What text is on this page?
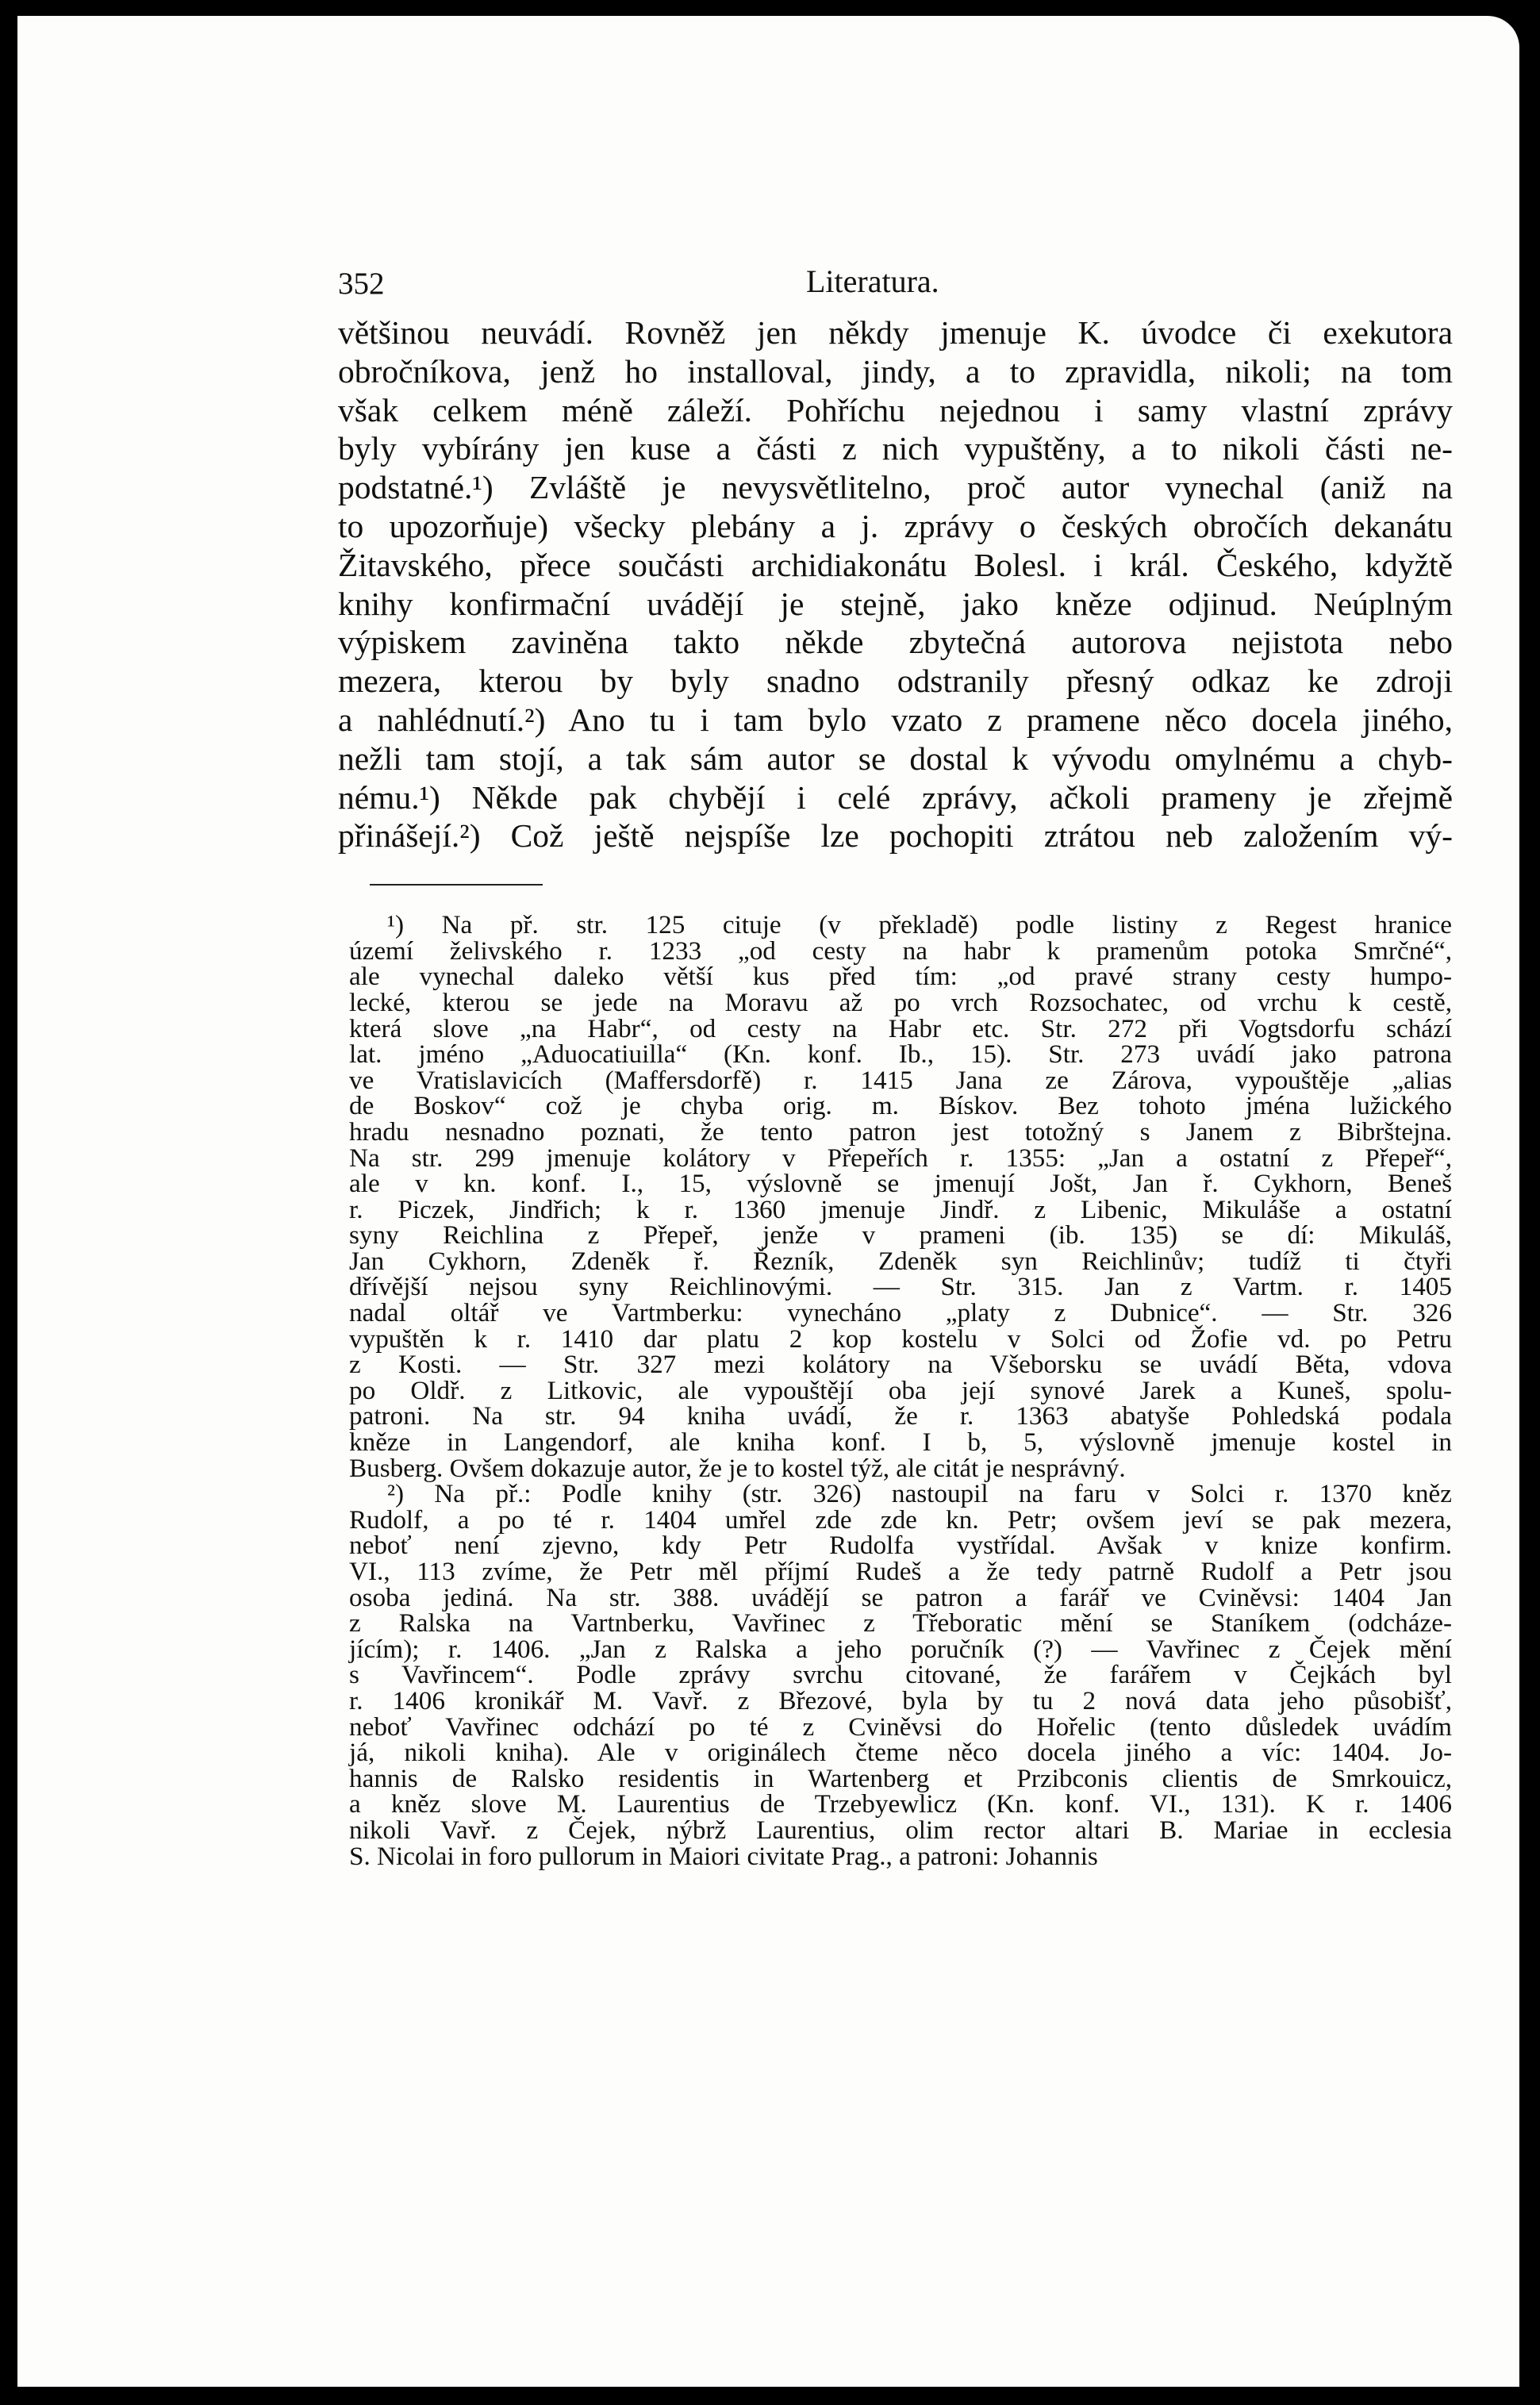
352	Literatura.
většinou neuvádí. Rovněž jen někdy jmenuje K. úvodce či exekutora
obročníkova, jenž ho installoval, jindy, a to zpravidla, nikoli; na tom
však celkem méně záleží. Pohříchu nejednou i samy vlastní zprávy
byly vybírány jen kuse a části z nich vypuštěny, a to nikoli části ne-
podstatné.¹) Zvláště je nevysvětlitelno, proč autor vynechal (aniž na
to upozorňuje) všecky plebány a j. zprávy o českých obročích dekanátu
Žitavského, přece součásti archidiakonátu Bolesl. i král. Českého, kdyžtě
knihy konfirmační uvádějí je stejně, jako kněze odjinud. Neúplným
výpiskem zaviněna takto někde zbytečná autorova nejistota nebo
mezera, kterou by byly snadno odstranily přesný odkaz ke zdroji
a nahlédnutí.²) Ano tu i tam bylo vzato z pramene něco docela jiného,
nežli tam stojí, a tak sám autor se dostal k vývodu omylnému a chyb-
nému.¹) Někde pak chybějí i celé zprávy, ačkoli prameny je zřejmě
přinášejí.²) Což ještě nejspíše lze pochopiti ztrátou neb založením vý-
¹) Na př. str. 125 cituje (v překladě) podle listiny z Regest hranice
území želivského r. 1233 „od cesty na habr k pramenům potoka Smrčné“,
ale vynechal daleko větší kus před tím: „od pravé strany cesty humpo-
lecké, kterou se jede na Moravu až po vrch Rozsochatec, od vrchu k cestě,
která slove „na Habr“, od cesty na Habr etc. Str. 272 při Vogtsdorfu schází
lat. jméno „Aduocatiuilla“ (Kn. konf. Ib., 15). Str. 273 uvádí jako patrona
ve Vratislavicích (Maffersdorfě) r. 1415 Jana ze Zárova, vypouštěje „alias
de Boskov“ což je chyba orig. m. Bískov. Bez tohoto jména lužického
hradu nesnadno poznati, že tento patron jest totožný s Janem z Bibrštejna.
Na str. 299 jmenuje kolátory v Přepeřích r. 1355: „Jan a ostatní z Přepeř“,
ale v kn. konf. I., 15, výslovně se jmenují Jošt, Jan ř. Cykhorn, Beneš
r. Piczek, Jindřich; k r. 1360 jmenuje Jindř. z Libenic, Mikuláše a ostatní
syny Reichlina z Přepeř, jenže v prameni (ib. 135) se dí: Mikuláš,
Jan Cykhorn, Zdeněk ř. Řezník, Zdeněk syn Reichlinův; tudíž ti čtyři
dřívější nejsou syny Reichlinovými. — Str. 315. Jan z Vartm. r. 1405
nadal oltář ve Vartmberku: vynecháno „platy z Dubnice“. — Str. 326
vypuštěn k r. 1410 dar platu 2 kop kostelu v Solci od Žofie vd. po Petru
z Kosti. — Str. 327 mezi kolátory na Všeborsku se uvádí Běta, vdova
po Oldř. z Litkovic, ale vypouštějí oba její synové Jarek a Kuneš, spolu-
patroni. Na str. 94 kniha uvádí, že r. 1363 abatyše Pohledská podala
kněze in Langendorf, ale kniha konf. I b, 5, výslovně jmenuje kostel in
Busberg. Ovšem dokazuje autor, že je to kostel týž, ale citát je nesprávný.
²) Na př.: Podle knihy (str. 326) nastoupil na faru v Solci r. 1370 kněz
Rudolf, a po té r. 1404 umřel zde zde kn. Petr; ovšem jeví se pak mezera,
neboť není zjevno, kdy Petr Rudolfa vystřídal. Avšak v knize konfirm.
VI., 113 zvíme, že Petr měl příjmí Rudeš a že tedy patrně Rudolf a Petr jsou
osoba jediná. Na str. 388. uvádějí se patron a farář ve Cviněvsi: 1404 Jan
z Ralska na Vartnberku, Vavřinec z Třeboratic mění se Staníkem (odcháze-
jícím); r. 1406. „Jan z Ralska a jeho poručník (?) — Vavřinec z Čejek mění
s Vavřincem“. Podle zprávy svrchu citované, že farářem v Čejkách byl
r. 1406 kronikář M. Vavř. z Březové, byla by tu 2 nová data jeho působišť,
neboť Vavřinec odchází po té z Cviněvsi do Hořelic (tento důsledek uvádím
já, nikoli kniha). Ale v originálech čteme něco docela jiného a víc: 1404. Jo-
hannis de Ralsko residentis in Wartenberg et Przibconis clientis de Smrkouicz,
a kněz slove M. Laurentius de Trzebyewlicz (Kn. konf. VI., 131). K r. 1406
nikoli Vavř. z Čejek, nýbrž Laurentius, olim rector altari B. Mariae in ecclesia
S. Nicolai in foro pullorum in Maiori civitate Prag., a patroni: Johannis
